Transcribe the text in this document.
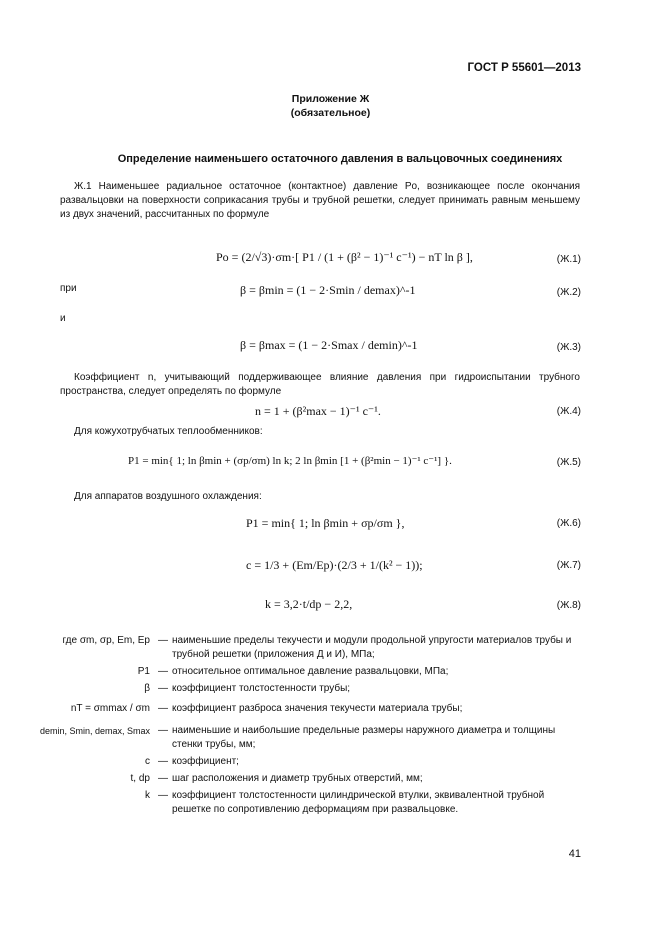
ГОСТ Р 55601—2013
Приложение Ж
(обязательное)
Определение наименьшего остаточного давления в вальцовочных соединениях
Ж.1 Наименьшее радиальное остаточное (контактное) давление Pо, возникающее после окончания развальцовки на поверхности соприкасания трубы и трубной решетки, следует принимать равным меньшему из двух значений, рассчитанных по формуле
Pо = (2/√3)·σm·[ P1 / (1 + (β² − 1)⁻¹ c⁻¹) − nT ln β ],	(Ж.1)
при	β = βmin = (1 − 2·Smin / demax)^-1	(Ж.2)
и
β = βmax = (1 − 2·Smax / demin)^-1	(Ж.3)
Коэффициент n, учитывающий поддерживающее влияние давления при гидроиспытании трубного пространства, следует определять по формуле
n = 1 + (β²max − 1)⁻¹ c⁻¹.	(Ж.4)
Для кожухотрубчатых теплообменников:
P1 = min{ 1; ln βmin + (σp/σm) ln k; 2 ln βmin [1 + (β²min − 1)⁻¹ c⁻¹] }.	(Ж.5)
Для аппаратов воздушного охлаждения:
P1 = min{ 1; ln βmin + σp/σm },	(Ж.6)
c = 1/3 + (Em/Ep)·(2/3 + 1/(k² − 1));	(Ж.7)
k = 3,2·t/dp − 2,2,	(Ж.8)
где σm, σp, Em, Ep — наименьшие пределы текучести и модули продольной упругости материалов трубы и трубной решетки (приложения Д и И), МПа;
P1 — относительное оптимальное давление развальцовки, МПа;
β — коэффициент толстостенности трубы;
nT = σmmax / σm — коэффициент разброса значения текучести материала трубы;
demin, Smin, demax, Smax — наименьшие и наибольшие предельные размеры наружного диаметра и толщины стенки трубы, мм;
c — коэффициент;
t, dp — шаг расположения и диаметр трубных отверстий, мм;
k — коэффициент толстостенности цилиндрической втулки, эквивалентной трубной решетке по сопротивлению деформациям при развальцовке.
41
